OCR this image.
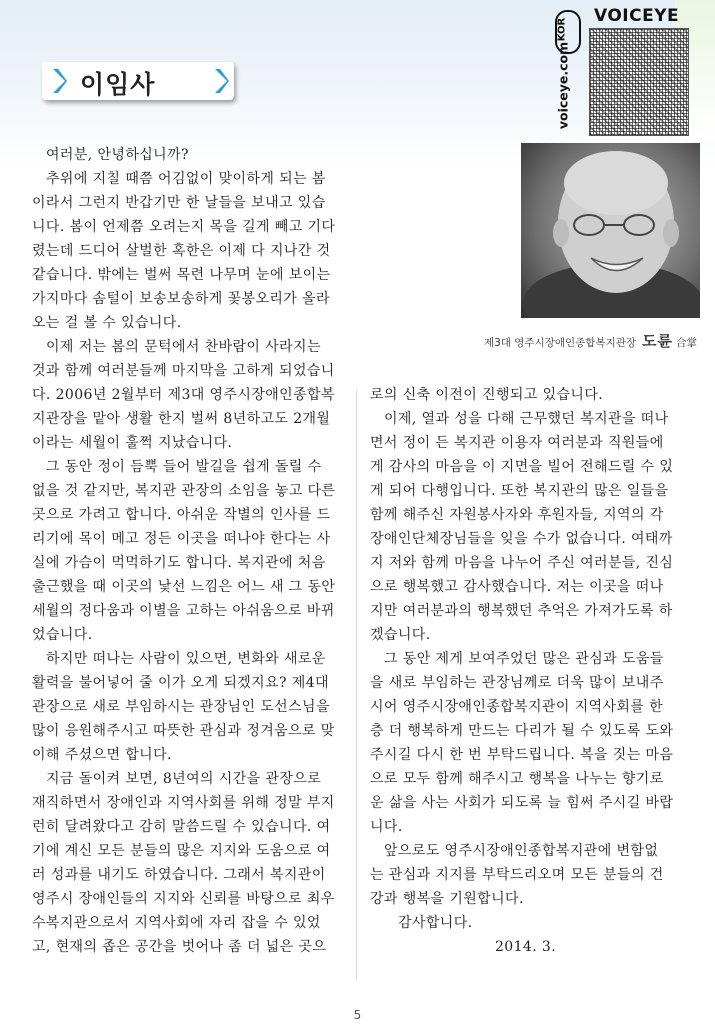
이임사
KOR
VOICEYE
voiceye.com
제3대 영주시장애인종합복지관장 도륜 合掌

여러분, 안녕하십니까?

추위에 지칠 때쯤 어김없이 맞이하게 되는 봄

이라서 그런지 반갑기만 한 날들을 보내고 있습

니다. 봄이 언제쯤 오려는지 목을 길게 빼고 기다

렸는데 드디어 살벌한 혹한은 이제 다 지나간 것

같습니다. 밖에는 벌써 목련 나무며 눈에 보이는

가지마다 솜털이 보송보송하게 꽃봉오리가 올라

오는 걸 볼 수 있습니다.

이제 저는 봄의 문턱에서 찬바람이 사라지는

것과 함께 여러분들께 마지막을 고하게 되었습니

다. 2006년 2월부터 제3대 영주시장애인종합복

지관장을 맡아 생활 한지 벌써 8년하고도 2개월

이라는 세월이 훌쩍 지났습니다.

그 동안 정이 듬뿍 들어 발길을 쉽게 돌릴 수

없을 것 같지만, 복지관 관장의 소임을 놓고 다른

곳으로 가려고 합니다. 아쉬운 작별의 인사를 드

리기에 목이 메고 정든 이곳을 떠나야 한다는 사

실에 가슴이 먹먹하기도 합니다. 복지관에 처음

출근했을 때 이곳의 낯선 느낌은 어느 새 그 동안

세월의 정다움과 이별을 고하는 아쉬움으로 바뀌

었습니다.

하지만 떠나는 사람이 있으면, 변화와 새로운

활력을 불어넣어 줄 이가 오게 되겠지요? 제4대

관장으로 새로 부임하시는 관장님인 도선스님을

많이 응원해주시고 따뜻한 관심과 정겨움으로 맞

이해 주셨으면 합니다.

지금 돌이켜 보면, 8년여의 시간을 관장으로

재직하면서 장애인과 지역사회를 위해 정말 부지

런히 달려왔다고 감히 말씀드릴 수 있습니다. 여

기에 계신 모든 분들의 많은 지지와 도움으로 여

러 성과를 내기도 하였습니다. 그래서 복지관이

영주시 장애인들의 지지와 신뢰를 바탕으로 최우

수복지관으로서 지역사회에 자리 잡을 수 있었

고, 현재의 좁은 공간을 벗어나 좀 더 넓은 곳으

로의 신축 이전이 진행되고 있습니다.

이제, 열과 성을 다해 근무했던 복지관을 떠나

면서 정이 든 복지관 이용자 여러분과 직원들에

게 감사의 마음을 이 지면을 빌어 전해드릴 수 있

게 되어 다행입니다. 또한 복지관의 많은 일들을

함께 해주신 자원봉사자와 후원자들, 지역의 각

장애인단체장님들을 잊을 수가 없습니다. 여태까

지 저와 함께 마음을 나누어 주신 여러분들, 진심

으로 행복했고 감사했습니다. 저는 이곳을 떠나

지만 여러분과의 행복했던 추억은 가져가도록 하

겠습니다.

그 동안 제게 보여주었던 많은 관심과 도움들

을 새로 부임하는 관장님께로 더욱 많이 보내주

시어 영주시장애인종합복지관이 지역사회를 한

층 더 행복하게 만드는 다리가 될 수 있도록 도와

주시길 다시 한 번 부탁드립니다. 복을 짓는 마음

으로 모두 함께 해주시고 행복을 나누는 향기로

운 삶을 사는 사회가 되도록 늘 힘써 주시길 바랍

니다.

앞으로도 영주시장애인종합복지관에 변함없

는 관심과 지지를 부탁드리오며 모든 분들의 건

강과 행복을 기원합니다.

감사합니다.

2014. 3.

5
